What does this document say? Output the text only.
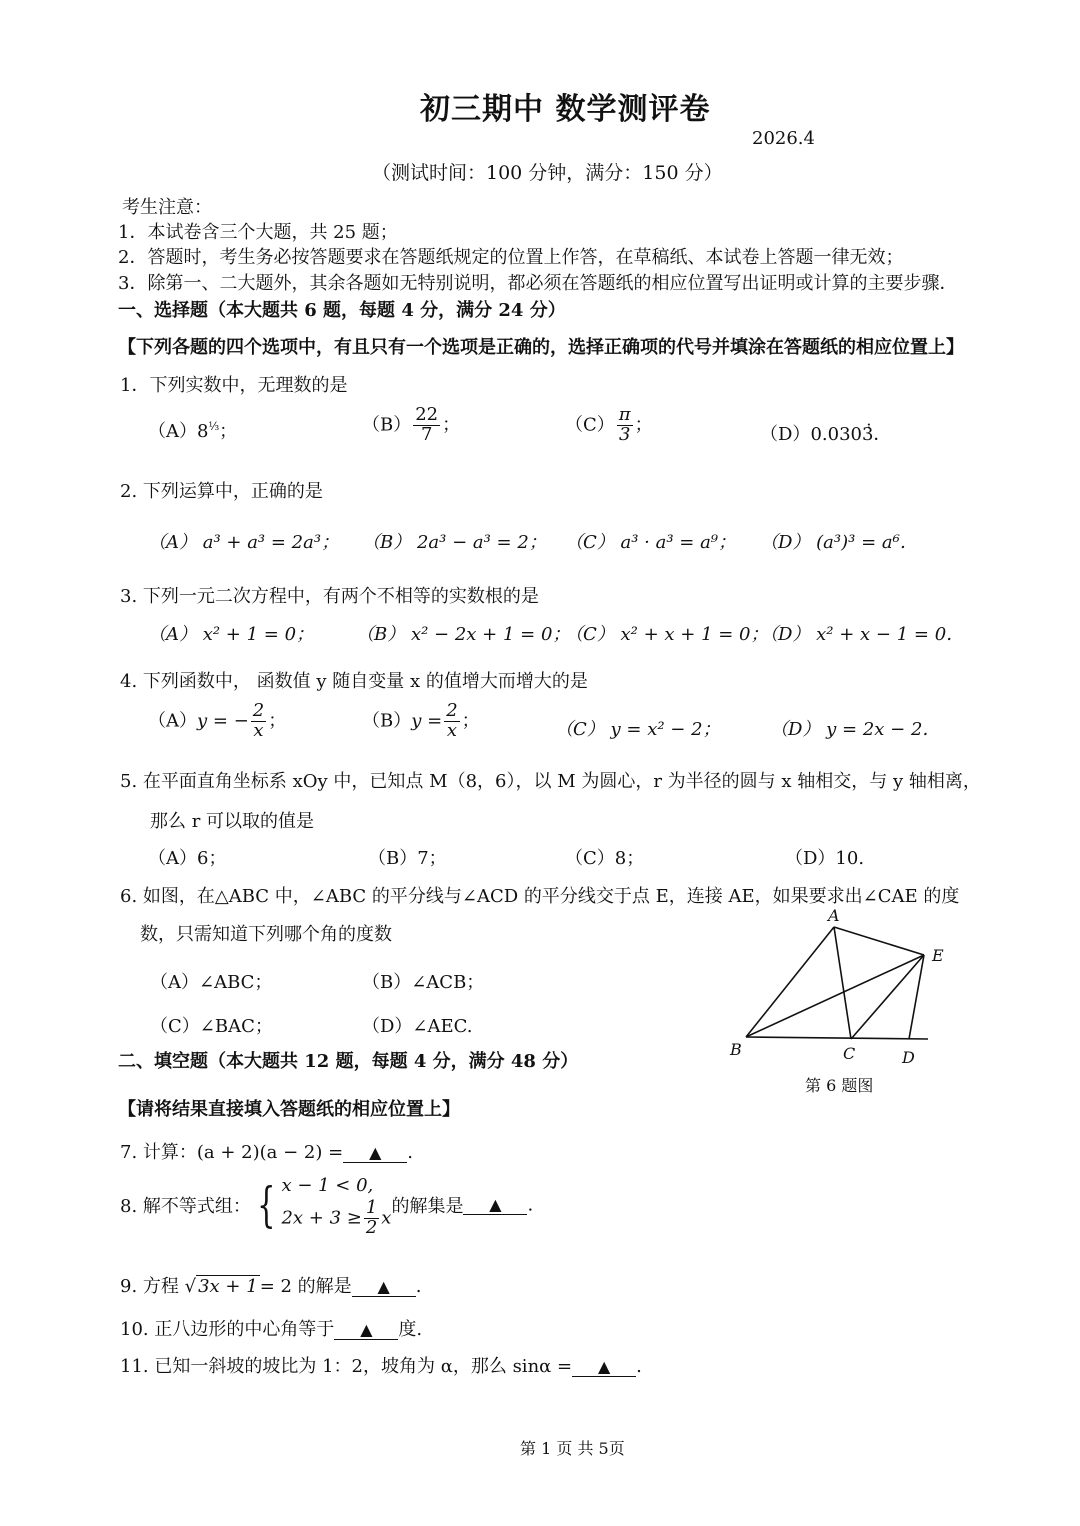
初三期中 数学测评卷
2026.4
（测试时间：100 分钟，满分：150 分）
考生注意：
1．本试卷含三个大题，共 25 题；
2．答题时，考生务必按答题要求在答题纸规定的位置上作答，在草稿纸、本试卷上答题一律无效；
3．除第一、二大题外，其余各题如无特别说明，都必须在答题纸的相应位置写出证明或计算的主要步骤．
一、选择题（本大题共 6 题，每题 4 分，满分 24 分）
【下列各题的四个选项中，有且只有一个选项是正确的，选择正确项的代号并填涂在答题纸的相应位置上】
1．下列实数中，无理数的是
$(A)8^{\frac{1}{3}}$；	$(B) \frac{22}{7}$ ；	$(C) \frac{\pi}{3}$ ；	（D）0.0303̇̇．
2. 下列运算中，正确的是
（A） a³ + a³ = 2a³； （B） 2a³ − a³ = 2； （C） a³ · a³ = a⁹； （D） (a³)³ = a⁶．
3. 下列一元二次方程中，有两个不相等的实数根的是
（A） x² + 1 = 0； （B） x² − 2x + 1 = 0；
（C） x² + x + 1 = 0；
（D） x² + x − 1 = 0．
4. 下列函数中， 函数值 y 随自变量 x 的值增大而增大的是
（A）y = − $\frac{2}{x}$ ；	$(B)y = \frac{2}{x}$ ；	（C） y = x² − 2；	（D） y = 2x − 2．
5. 在平面直角坐标系 xOy 中，已知点 M（8，6），以 M 为圆心，r 为半径的圆与 x 轴相交，与 y 轴相离，
那么 r 可以取的值是
（A）6；	（B）7；	（C）8；	（D）10.
6. 如图，在△ABC 中，∠ABC 的平分线与∠ACD 的平分线交于点 E，连接 AE，如果要求出∠CAE 的度
数，只需知道下列哪个角的度数
（A）∠ABC；	（B）∠ACB；
（C）∠BAC；	（D）∠AEC.
A
B	C	D
E
第 6 题图
二、填空题（本大题共 12 题，每题 4 分，满分 48 分）
【请将结果直接填入答题纸的相应位置上】
7. 计算：(a + 2)(a − 2) = ▲ .
8. 解不等式组： { x − 1 < 0,
$2x + 3 \ge \frac{1}{2}$ x
的解集是 ▲ .
9. 方程 √ 3x + 1 = 2 的解是 ▲ .
10. 正八边形的中心角等于 ▲ 度.
11. 已知一斜坡的坡比为 1：2，坡角为 α，那么 sinα = ▲ .
第 1 页 共 5页
